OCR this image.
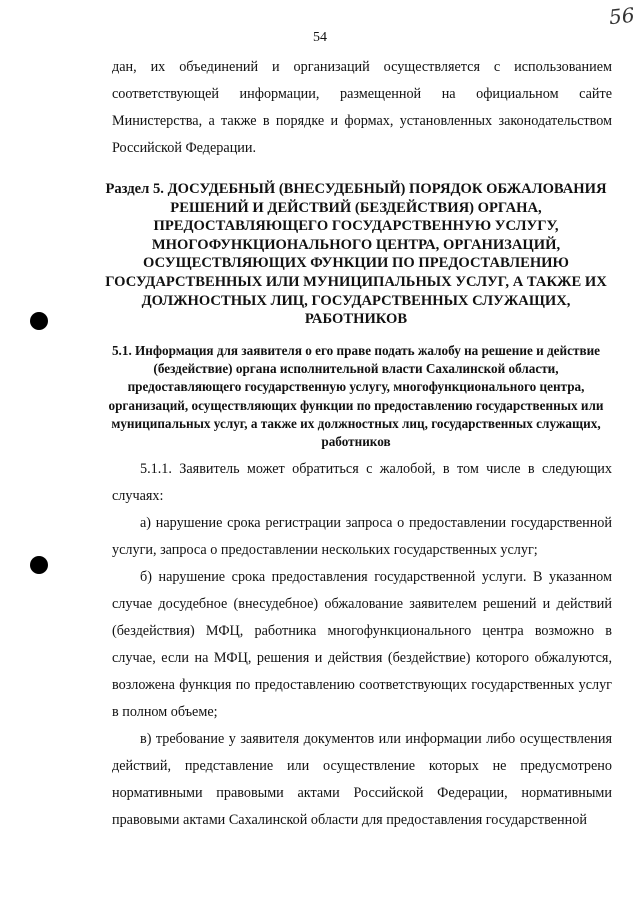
56
54

дан, их объединений и организаций осуществляется с использованием соответствующей информации, размещенной на официальном сайте Министерства, а также в порядке и формах, установленных законодательством Российской Федерации.

Раздел 5. ДОСУДЕБНЫЙ (ВНЕСУДЕБНЫЙ) ПОРЯДОК ОБЖАЛОВАНИЯ РЕШЕНИЙ И ДЕЙСТВИЙ (БЕЗДЕЙСТВИЯ) ОРГАНА, ПРЕДОСТАВЛЯЮЩЕГО ГОСУДАРСТВЕННУЮ УСЛУГУ, МНОГОФУНКЦИОНАЛЬНОГО ЦЕНТРА, ОРГАНИЗАЦИЙ, ОСУЩЕСТВЛЯЮЩИХ ФУНКЦИИ ПО ПРЕДОСТАВЛЕНИЮ ГОСУДАРСТВЕННЫХ ИЛИ МУНИЦИПАЛЬНЫХ УСЛУГ, А ТАКЖЕ ИХ ДОЛЖНОСТНЫХ ЛИЦ, ГОСУДАРСТВЕННЫХ СЛУЖАЩИХ, РАБОТНИКОВ
5.1. Информация для заявителя о его праве подать жалобу на решение и действие (бездействие) органа исполнительной власти Сахалинской области, предоставляющего государственную услугу, многофункционального центра, организаций, осуществляющих функции по предоставлению государственных или муниципальных услуг, а также их должностных лиц, государственных служащих, работников

5.1.1. Заявитель может обратиться с жалобой, в том числе в следующих случаях:

а) нарушение срока регистрации запроса о предоставлении государственной услуги, запроса о предоставлении нескольких государственных услуг;

б) нарушение срока предоставления государственной услуги. В указанном случае досудебное (внесудебное) обжалование заявителем решений и действий (бездействия) МФЦ, работника многофункционального центра возможно в случае, если на МФЦ, решения и действия (бездействие) которого обжалуются, возложена функция по предоставлению соответствующих государственных услуг в полном объеме;

в) требование у заявителя документов или информации либо осуществления действий, представление или осуществление которых не предусмотрено нормативными правовыми актами Российской Федерации, нормативными правовыми актами Сахалинской области для предоставления государственной
